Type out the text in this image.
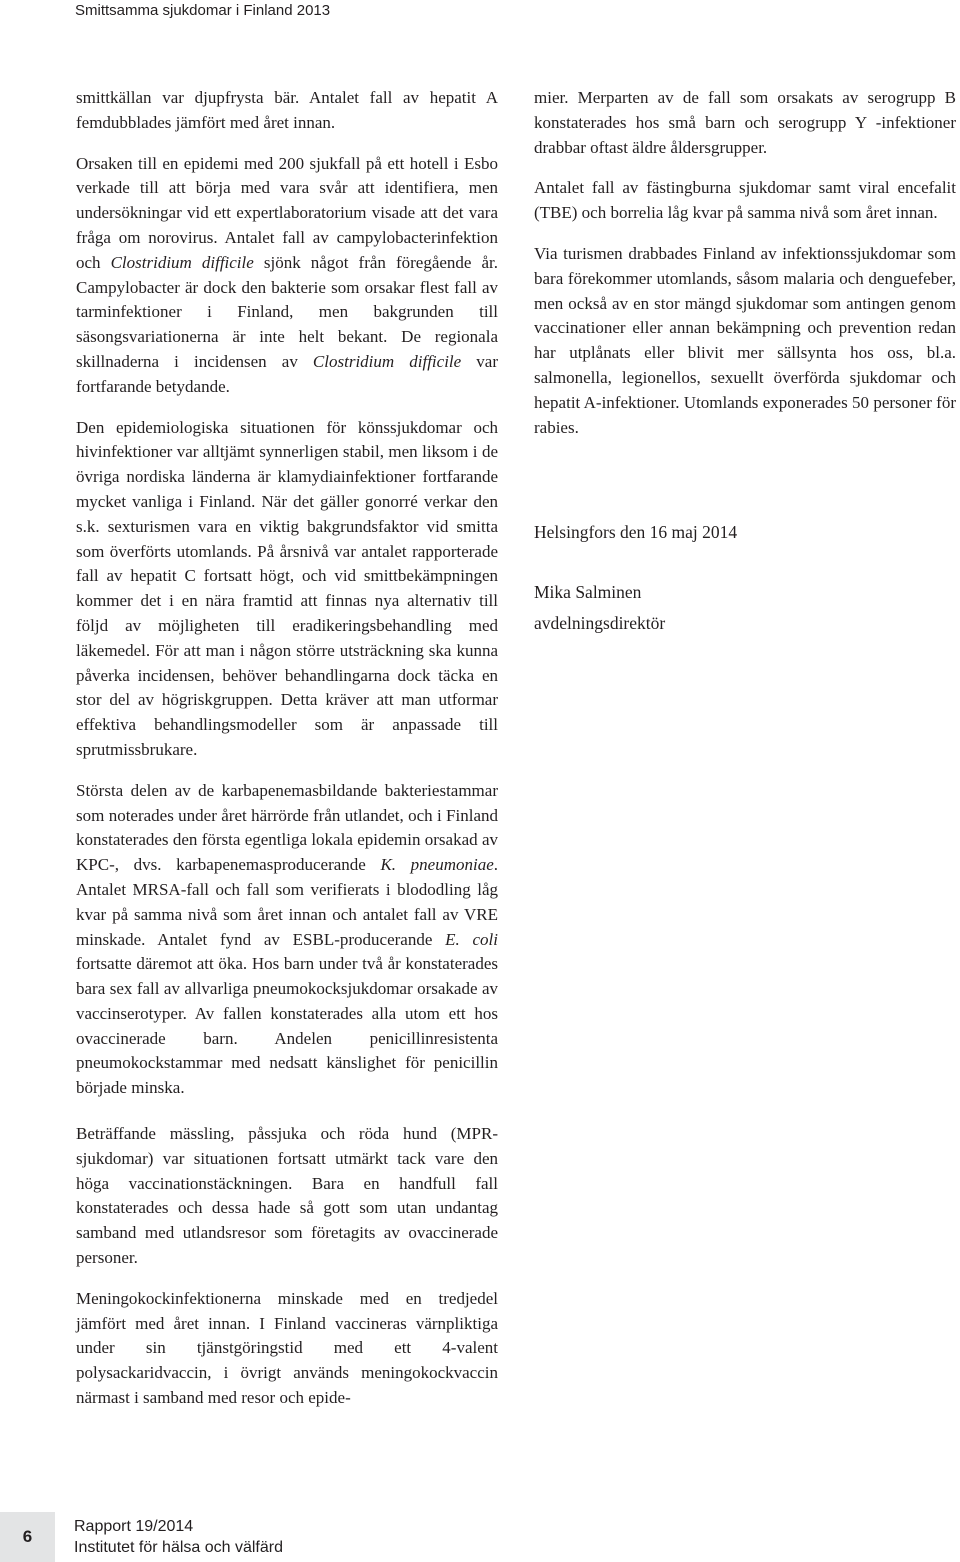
Smittsamma sjukdomar i Finland 2013

smittkällan var djupfrysta bär. Antalet fall av hepatit A femdubblades jämfört med året innan.

Orsaken till en epidemi med 200 sjukfall på ett hotell i Esbo verkade till att börja med vara svår att identifiera, men undersökningar vid ett expertlaboratorium visade att det vara fråga om norovirus. Antalet fall av campylobacterinfektion och Clostridium difficile sjönk något från föregående år. Campylobacter är dock den bakterie som orsakar flest fall av tarminfektioner i Finland, men bakgrunden till säsongsvariationerna är inte helt bekant. De regionala skillnaderna i incidensen av Clostridium difficile var fortfarande betydande.

Den epidemiologiska situationen för könssjukdomar och hivinfektioner var alltjämt synnerligen stabil, men liksom i de övriga nordiska länderna är klamydiainfektioner fortfarande mycket vanliga i Finland. När det gäller gonorré verkar den s.k. sexturismen vara en viktig bakgrundsfaktor vid smitta som överförts utomlands. På årsnivå var antalet rapporterade fall av hepatit C fortsatt högt, och vid smittbekämpningen kommer det i en nära framtid att finnas nya alternativ till följd av möjligheten till eradikeringsbehandling med läkemedel. För att man i någon större utsträckning ska kunna påverka incidensen, behöver behandlingarna dock täcka en stor del av högriskgruppen. Detta kräver att man utformar effektiva behandlingsmodeller som är anpassade till sprutmissbrukare.

Största delen av de karbapenemasbildande bakteriestammar som noterades under året härrörde från utlandet, och i Finland konstaterades den första egentliga lokala epidemin orsakad av KPC-, dvs. karbapenemasproducerande K. pneumoniae. Antalet MRSA-fall och fall som verifierats i blododling låg kvar på samma nivå som året innan och antalet fall av VRE minskade. Antalet fynd av ESBL-producerande E. coli fortsatte däremot att öka. Hos barn under två år konstaterades bara sex fall av allvarliga pneumokocksjukdomar orsakade av vaccinserotyper. Av fallen konstaterades alla utom ett hos ovaccinerade barn. Andelen penicillinresistenta pneumokockstammar med nedsatt känslighet för penicillin började minska.

Beträffande mässling, påssjuka och röda hund (MPR-sjukdomar) var situationen fortsatt utmärkt tack vare den höga vaccinationstäckningen. Bara en handfull fall konstaterades och dessa hade så gott som utan undantag samband med utlandsresor som företagits av ovaccinerade personer.

Meningokockinfektionerna minskade med en tredjedel jämfört med året innan. I Finland vaccineras värnpliktiga under sin tjänstgöringstid med ett 4-valent polysackaridvaccin, i övrigt används meningokockvaccin närmast i samband med resor och epide-

mier. Merparten av de fall som orsakats av serogrupp B konstaterades hos små barn och serogrupp Y -infektioner drabbar oftast äldre åldersgrupper.

Antalet fall av fästingburna sjukdomar samt viral encefalit (TBE) och borrelia låg kvar på samma nivå som året innan.

Via turismen drabbades Finland av infektionssjukdomar som bara förekommer utomlands, såsom malaria och denguefeber, men också av en stor mängd sjukdomar som antingen genom vaccinationer eller annan bekämpning och prevention redan har utplånats eller blivit mer sällsynta hos oss, bl.a. salmonella, legionellos, sexuellt överförda sjukdomar och hepatit A-infektioner. Utomlands exponerades 50 personer för rabies.

Helsingfors den 16 maj 2014

Mika Salminen

avdelningsdirektör

6
Rapport 19/2014
Institutet för hälsa och välfärd
